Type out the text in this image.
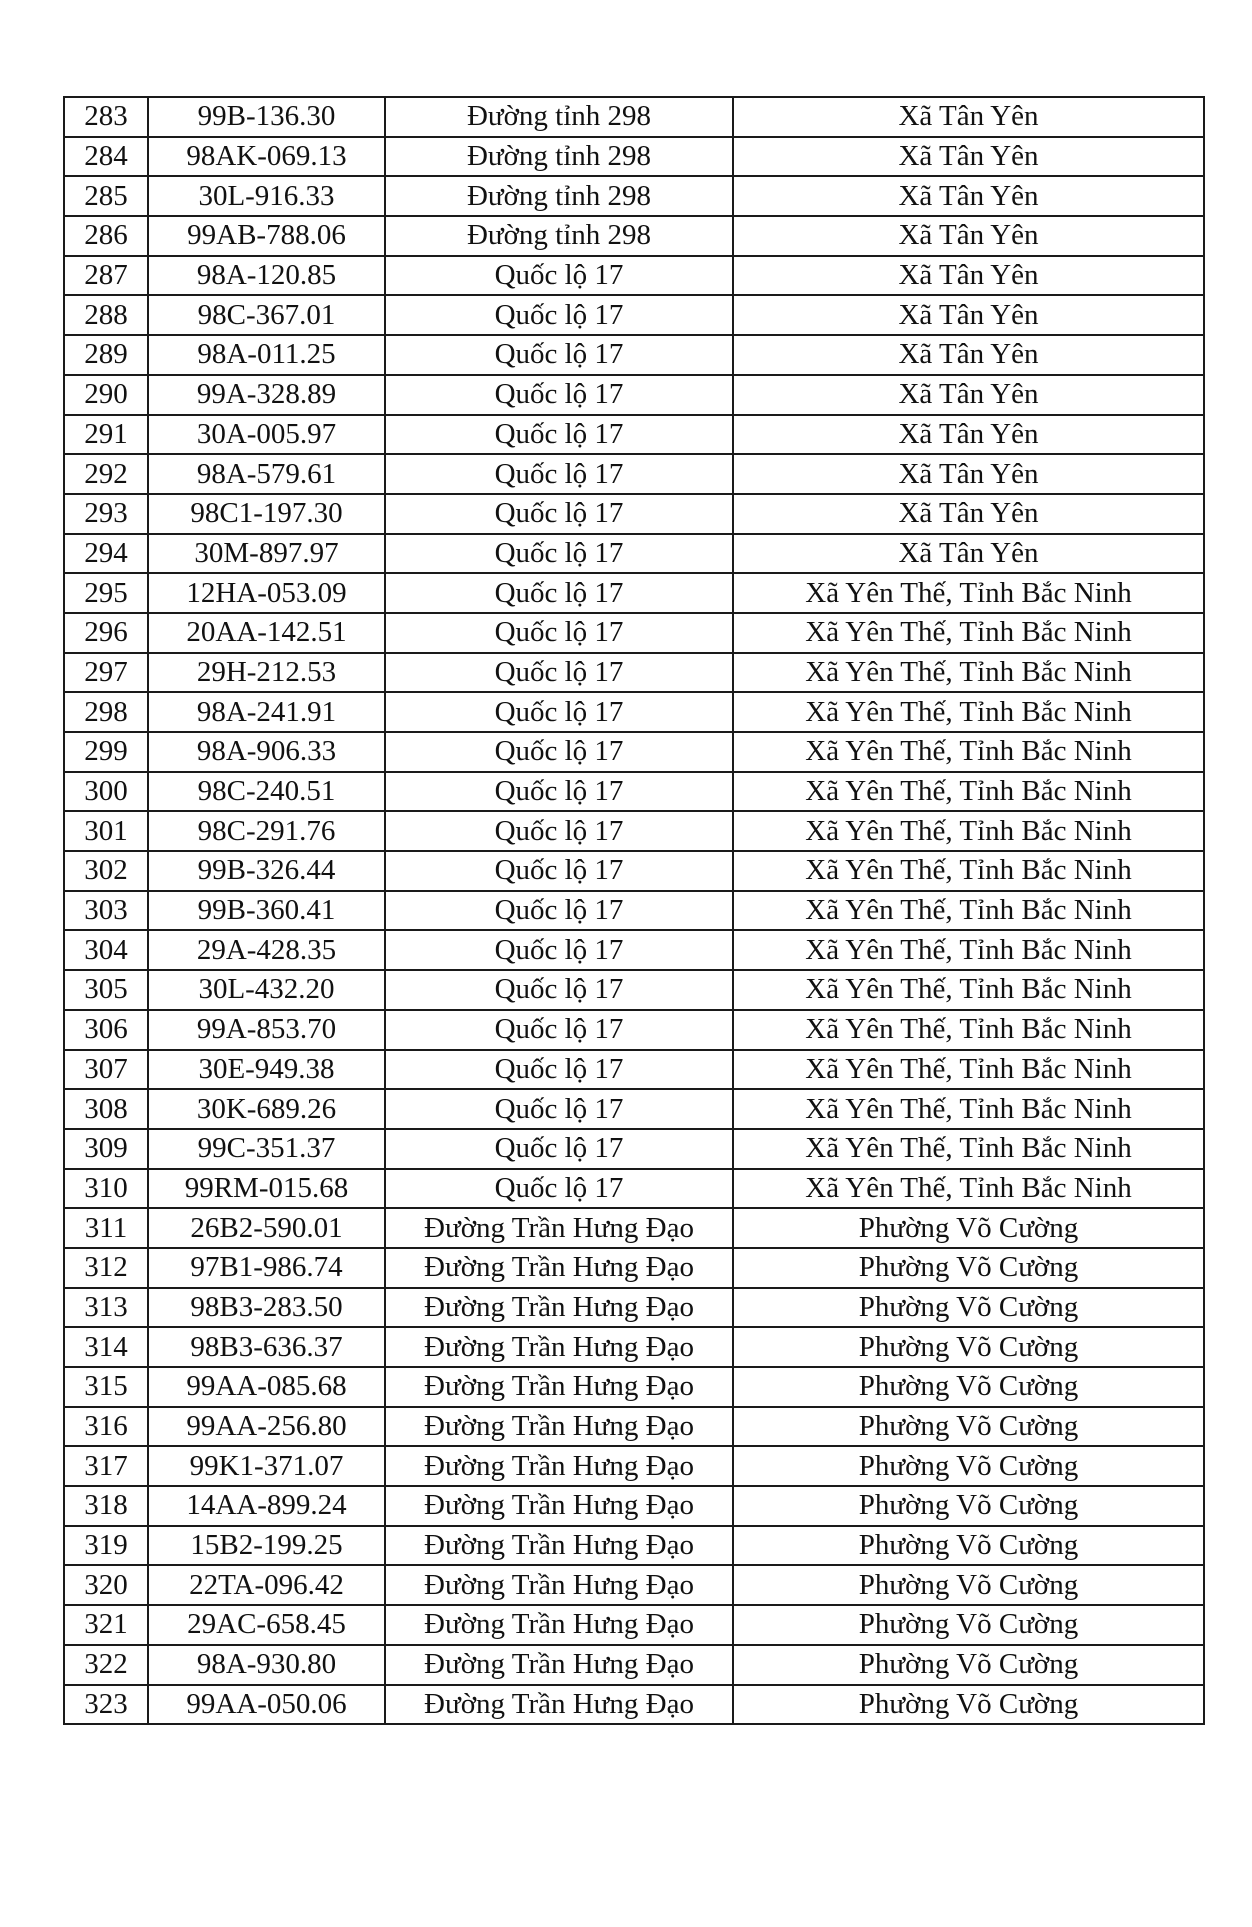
283	99B-136.30	Đường tỉnh 298	Xã Tân Yên
284	98AK-069.13	Đường tỉnh 298	Xã Tân Yên
285	30L-916.33	Đường tỉnh 298	Xã Tân Yên
286	99AB-788.06	Đường tỉnh 298	Xã Tân Yên
287	98A-120.85	Quốc lộ 17	Xã Tân Yên
288	98C-367.01	Quốc lộ 17	Xã Tân Yên
289	98A-011.25	Quốc lộ 17	Xã Tân Yên
290	99A-328.89	Quốc lộ 17	Xã Tân Yên
291	30A-005.97	Quốc lộ 17	Xã Tân Yên
292	98A-579.61	Quốc lộ 17	Xã Tân Yên
293	98C1-197.30	Quốc lộ 17	Xã Tân Yên
294	30M-897.97	Quốc lộ 17	Xã Tân Yên
295	12HA-053.09	Quốc lộ 17	Xã Yên Thế, Tỉnh Bắc Ninh
296	20AA-142.51	Quốc lộ 17	Xã Yên Thế, Tỉnh Bắc Ninh
297	29H-212.53	Quốc lộ 17	Xã Yên Thế, Tỉnh Bắc Ninh
298	98A-241.91	Quốc lộ 17	Xã Yên Thế, Tỉnh Bắc Ninh
299	98A-906.33	Quốc lộ 17	Xã Yên Thế, Tỉnh Bắc Ninh
300	98C-240.51	Quốc lộ 17	Xã Yên Thế, Tỉnh Bắc Ninh
301	98C-291.76	Quốc lộ 17	Xã Yên Thế, Tỉnh Bắc Ninh
302	99B-326.44	Quốc lộ 17	Xã Yên Thế, Tỉnh Bắc Ninh
303	99B-360.41	Quốc lộ 17	Xã Yên Thế, Tỉnh Bắc Ninh
304	29A-428.35	Quốc lộ 17	Xã Yên Thế, Tỉnh Bắc Ninh
305	30L-432.20	Quốc lộ 17	Xã Yên Thế, Tỉnh Bắc Ninh
306	99A-853.70	Quốc lộ 17	Xã Yên Thế, Tỉnh Bắc Ninh
307	30E-949.38	Quốc lộ 17	Xã Yên Thế, Tỉnh Bắc Ninh
308	30K-689.26	Quốc lộ 17	Xã Yên Thế, Tỉnh Bắc Ninh
309	99C-351.37	Quốc lộ 17	Xã Yên Thế, Tỉnh Bắc Ninh
310	99RM-015.68	Quốc lộ 17	Xã Yên Thế, Tỉnh Bắc Ninh
311	26B2-590.01	Đường Trần Hưng Đạo	Phường Võ Cường
312	97B1-986.74	Đường Trần Hưng Đạo	Phường Võ Cường
313	98B3-283.50	Đường Trần Hưng Đạo	Phường Võ Cường
314	98B3-636.37	Đường Trần Hưng Đạo	Phường Võ Cường
315	99AA-085.68	Đường Trần Hưng Đạo	Phường Võ Cường
316	99AA-256.80	Đường Trần Hưng Đạo	Phường Võ Cường
317	99K1-371.07	Đường Trần Hưng Đạo	Phường Võ Cường
318	14AA-899.24	Đường Trần Hưng Đạo	Phường Võ Cường
319	15B2-199.25	Đường Trần Hưng Đạo	Phường Võ Cường
320	22TA-096.42	Đường Trần Hưng Đạo	Phường Võ Cường
321	29AC-658.45	Đường Trần Hưng Đạo	Phường Võ Cường
322	98A-930.80	Đường Trần Hưng Đạo	Phường Võ Cường
323	99AA-050.06	Đường Trần Hưng Đạo	Phường Võ Cường
